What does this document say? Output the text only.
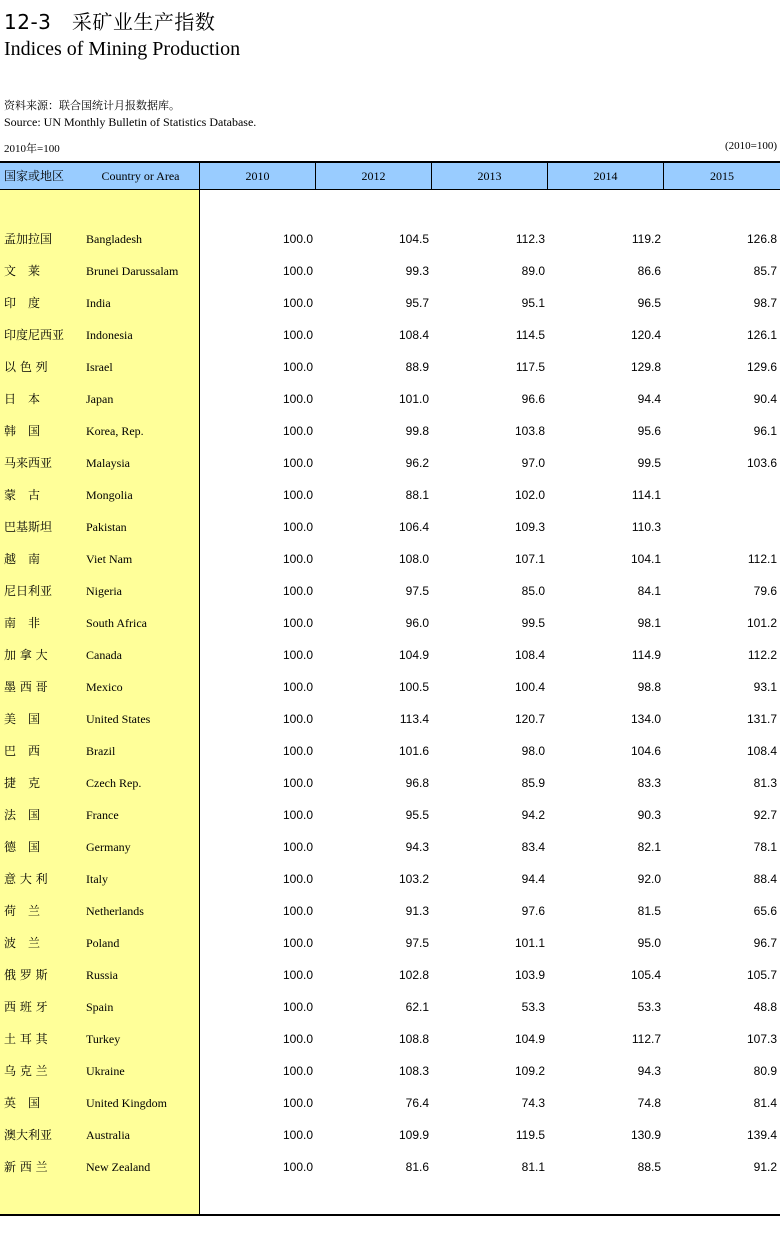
12-3　采矿业生产指数
Indices of Mining Production
资料来源：联合国统计月报数据库。
Source: UN Monthly Bulletin of Statistics Database.
2010年=100	(2010=100)
国家或地区	Country or Area	2010	2012	2013	2014	2015
孟加拉国	Bangladesh	100.0	104.5	112.3	119.2	126.8
文　莱	Brunei Darussalam	100.0	99.3	89.0	86.6	85.7
印　度	India	100.0	95.7	95.1	96.5	98.7
印度尼西亚 Indonesia	100.0	108.4	114.5	120.4	126.1
以 色 列	Israel	100.0	88.9	117.5	129.8	129.6
日　本	Japan	100.0	101.0	96.6	94.4	90.4
韩　国	Korea, Rep.	100.0	99.8	103.8	95.6	96.1
马来西亚	Malaysia	100.0	96.2	97.0	99.5	103.6
蒙　古	Mongolia	100.0	88.1	102.0	114.1
巴基斯坦	Pakistan	100.0	106.4	109.3	110.3
越　南	Viet Nam	100.0	108.0	107.1	104.1	112.1
尼日利亚	Nigeria	100.0	97.5	85.0	84.1	79.6
南　非	South Africa	100.0	96.0	99.5	98.1	101.2
加 拿 大	Canada	100.0	104.9	108.4	114.9	112.2
墨 西 哥	Mexico	100.0	100.5	100.4	98.8	93.1
美　国	United States	100.0	113.4	120.7	134.0	131.7
巴　西	Brazil	100.0	101.6	98.0	104.6	108.4
捷　克	Czech Rep.	100.0	96.8	85.9	83.3	81.3
法　国	France	100.0	95.5	94.2	90.3	92.7
德　国	Germany	100.0	94.3	83.4	82.1	78.1
意 大 利	Italy	100.0	103.2	94.4	92.0	88.4
荷　兰	Netherlands	100.0	91.3	97.6	81.5	65.6
波　兰	Poland	100.0	97.5	101.1	95.0	96.7
俄 罗 斯	Russia	100.0	102.8	103.9	105.4	105.7
西 班 牙	Spain	100.0	62.1	53.3	53.3	48.8
土 耳 其	Turkey	100.0	108.8	104.9	112.7	107.3
乌 克 兰	Ukraine	100.0	108.3	109.2	94.3	80.9
英　国	United Kingdom	100.0	76.4	74.3	74.8	81.4
澳大利亚	Australia	100.0	109.9	119.5	130.9	139.4
新 西 兰	New Zealand	100.0	81.6	81.1	88.5	91.2
